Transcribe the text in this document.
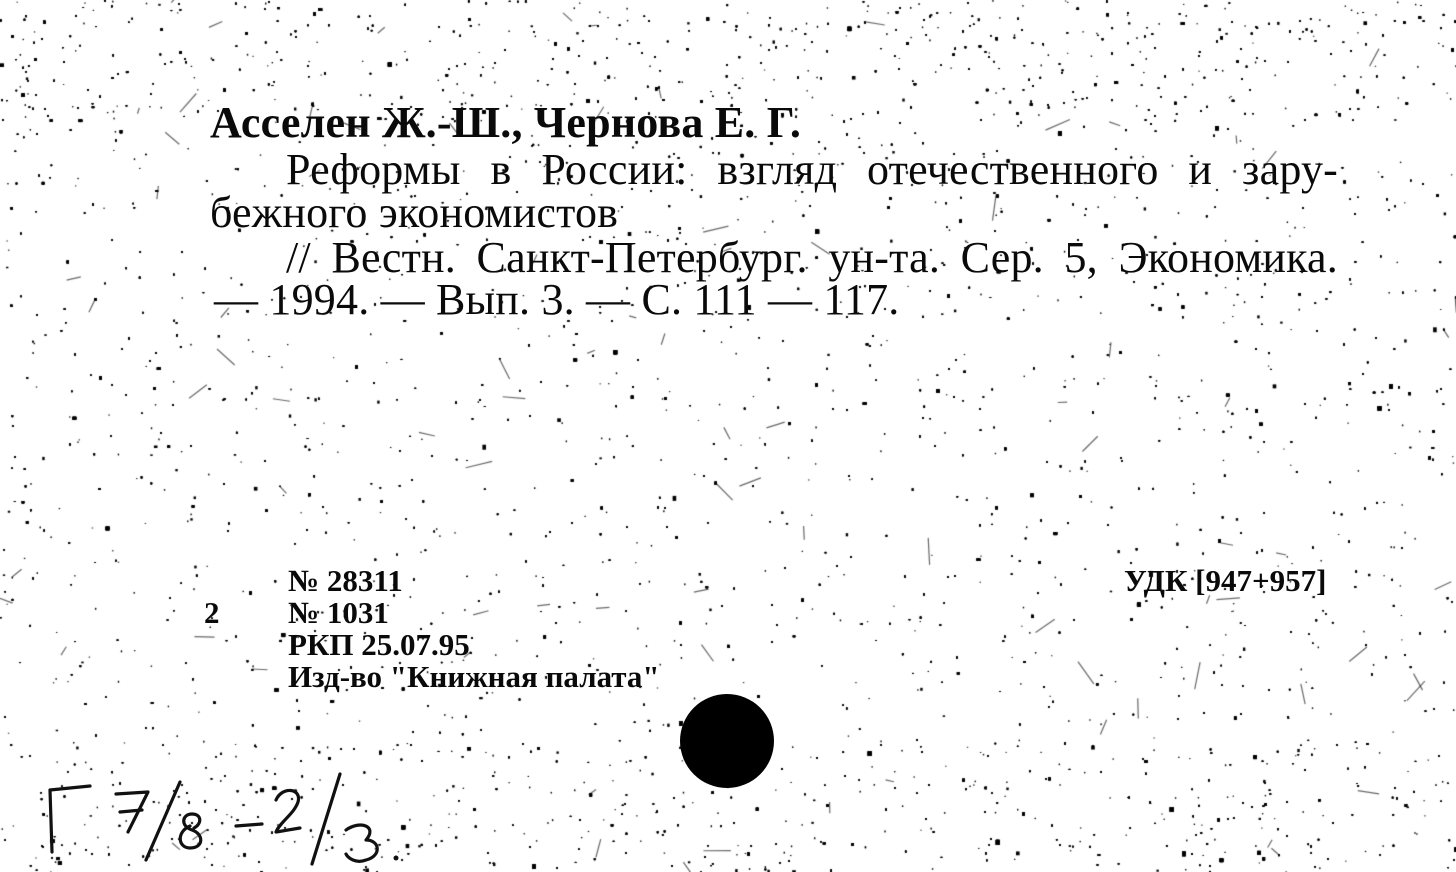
Асселен Ж.-Ш., Чернова Е. Г.
Реформы в России: взгляд отечественного и зару-
бежного экономистов
// Вестн. Санкт-Петербург. ун-та. Сер. 5, Экономика.
— 1994. — Вып. 3. — С. 111 — 117.
2
№ 28311
№ 1031
РКП 25.07.95
Изд-во "Книжная палата"
УДК [947+957]
